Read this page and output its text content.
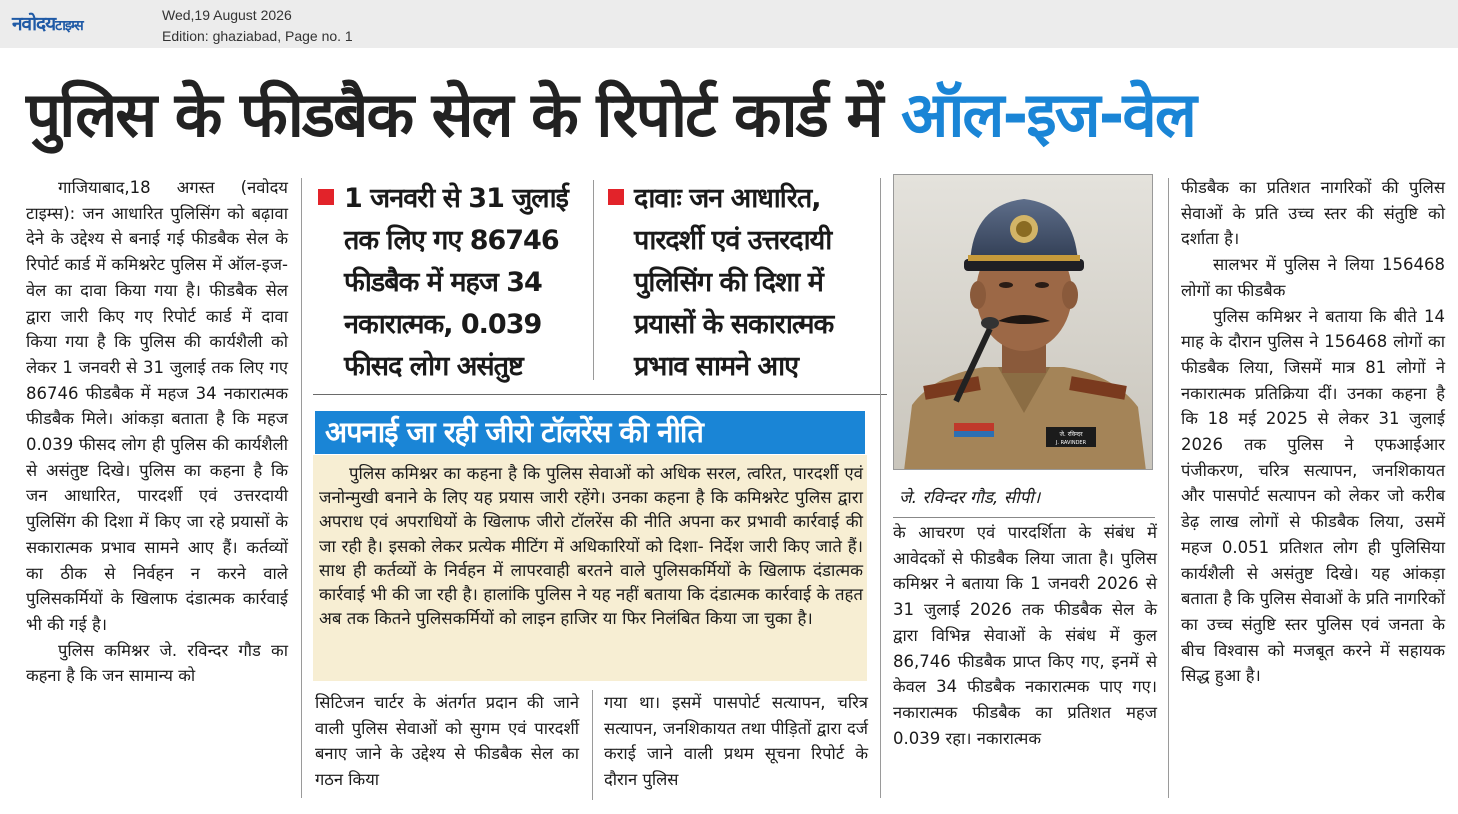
नवोदयटाइम्स
Wed,19 August 2026
Edition: ghaziabad, Page no. 1
पुलिस के फीडबैक सेल के रिपोर्ट कार्ड में ऑल-इज-वेल

गाजियाबाद,18 अगस्त (नवोदय टाइम्स): जन आधारित पुलिसिंग को बढ़ावा देने के उद्देश्य से बनाई गई फीडबैक सेल के रिपोर्ट कार्ड में कमिश्नरेट पुलिस में ऑल-इज-वेल का दावा किया गया है। फीडबैक सेल द्वारा जारी किए गए रिपोर्ट कार्ड में दावा किया गया है कि पुलिस की कार्यशैली को लेकर 1 जनवरी से 31 जुलाई तक लिए गए 86746 फीडबैक में महज 34 नकारात्मक फीडबैक मिले। आंकड़ा बताता है कि महज 0.039 फीसद लोग ही पुलिस की कार्यशैली से असंतुष्ट दिखे। पुलिस का कहना है कि जन आधारित, पारदर्शी एवं उत्तरदायी पुलिसिंग की दिशा में किए जा रहे प्रयासों के सकारात्मक प्रभाव सामने आए हैं। कर्तव्यों का ठीक से निर्वहन न करने वाले पुलिसकर्मियों के खिलाफ दंडात्मक कार्रवाई भी की गई है।

पुलिस कमिश्नर जे. रविन्दर गौड का कहना है कि जन सामान्य को

1 जनवरी से 31 जुलाई
तक लिए गए 86746
फीडबैक में महज 34
नकारात्मक, 0.039
फीसद लोग असंतुष्ट
दावाः जन आधारित,
पारदर्शी एवं उत्तरदायी
पुलिसिंग की दिशा में
प्रयासों के सकारात्मक
प्रभाव सामने आए
अपनाई जा रही जीरो टॉलरेंस की नीति

पुलिस कमिश्नर का कहना है कि पुलिस सेवाओं को अधिक सरल, त्वरित, पारदर्शी एवं जनोन्मुखी बनाने के लिए यह प्रयास जारी रहेंगे। उनका कहना है कि कमिश्नरेट पुलिस द्वारा अपराध एवं अपराधियों के खिलाफ जीरो टॉलरेंस की नीति अपना कर प्रभावी कार्रवाई की जा रही है। इसको लेकर प्रत्येक मीटिंग में अधिकारियों को दिशा- निर्देश जारी किए जाते हैं। साथ ही कर्तव्यों के निर्वहन में लापरवाही बरतने वाले पुलिसकर्मियों के खिलाफ दंडात्मक कार्रवाई भी की जा रही है। हालांकि पुलिस ने यह नहीं बताया कि दंडात्मक कार्रवाई के तहत अब तक कितने पुलिसकर्मियों को लाइन हाजिर या फिर निलंबित किया जा चुका है।

सिटिजन चार्टर के अंतर्गत प्रदान की जाने वाली पुलिस सेवाओं को सुगम एवं पारदर्शी बनाए जाने के उद्देश्य से फीडबैक सेल का गठन किया

गया था। इसमें पासपोर्ट सत्यापन, चरित्र सत्यापन, जनशिकायत तथा पीड़ितों द्वारा दर्ज कराई जाने वाली प्रथम सूचना रिपोर्ट के दौरान पुलिस

जे. रविन्दर
J. RAVINDER
जे. रविन्दर गौड, सीपी।

के आचरण एवं पारदर्शिता के संबंध में आवेदकों से फीडबैक लिया जाता है। पुलिस कमिश्नर ने बताया कि 1 जनवरी 2026 से 31 जुलाई 2026 तक फीडबैक सेल के द्वारा विभिन्न सेवाओं के संबंध में कुल 86,746 फीडबैक प्राप्त किए गए, इनमें से केवल 34 फीडबैक नकारात्मक पाए गए। नकारात्मक फीडबैक का प्रतिशत महज 0.039 रहा। नकारात्मक

फीडबैक का प्रतिशत नागरिकों की पुलिस सेवाओं के प्रति उच्च स्तर की संतुष्टि को दर्शाता है।

सालभर में पुलिस ने लिया 156468 लोगों का फीडबैक

पुलिस कमिश्नर ने बताया कि बीते 14 माह के दौरान पुलिस ने 156468 लोगों का फीडबैक लिया, जिसमें मात्र 81 लोगों ने नकारात्मक प्रतिक्रिया दीं। उनका कहना है कि 18 मई 2025 से लेकर 31 जुलाई 2026 तक पुलिस ने एफआईआर पंजीकरण, चरित्र सत्यापन, जनशिकायत और पासपोर्ट सत्यापन को लेकर जो करीब डेढ़ लाख लोगों से फीडबैक लिया, उसमें महज 0.051 प्रतिशत लोग ही पुलिसिया कार्यशैली से असंतुष्ट दिखे। यह आंकड़ा बताता है कि पुलिस सेवाओं के प्रति नागरिकों का उच्च संतुष्टि स्तर पुलिस एवं जनता के बीच विश्वास को मजबूत करने में सहायक सिद्ध हुआ है।
